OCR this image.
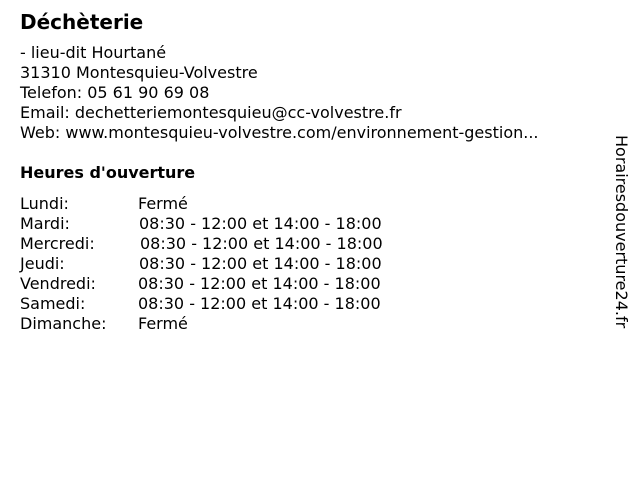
Déchèterie
- lieu-dit Hourtané
31310 Montesquieu-Volvestre
Telefon: 05 61 90 69 08
Email: dechetteriemontesquieu@cc-volvestre.fr
Web: www.montesquieu-volvestre.com/environnement-gestion...
Heures d'ouverture
Lundi:	Fermé
Mardi:	08:30 - 12:00 et 14:00 - 18:00
Mercredi:	08:30 - 12:00 et 14:00 - 18:00
Jeudi:	08:30 - 12:00 et 14:00 - 18:00
Vendredi:	08:30 - 12:00 et 14:00 - 18:00
Samedi:	08:30 - 12:00 et 14:00 - 18:00
Dimanche: Fermé	Horairesdouverture24.fr
